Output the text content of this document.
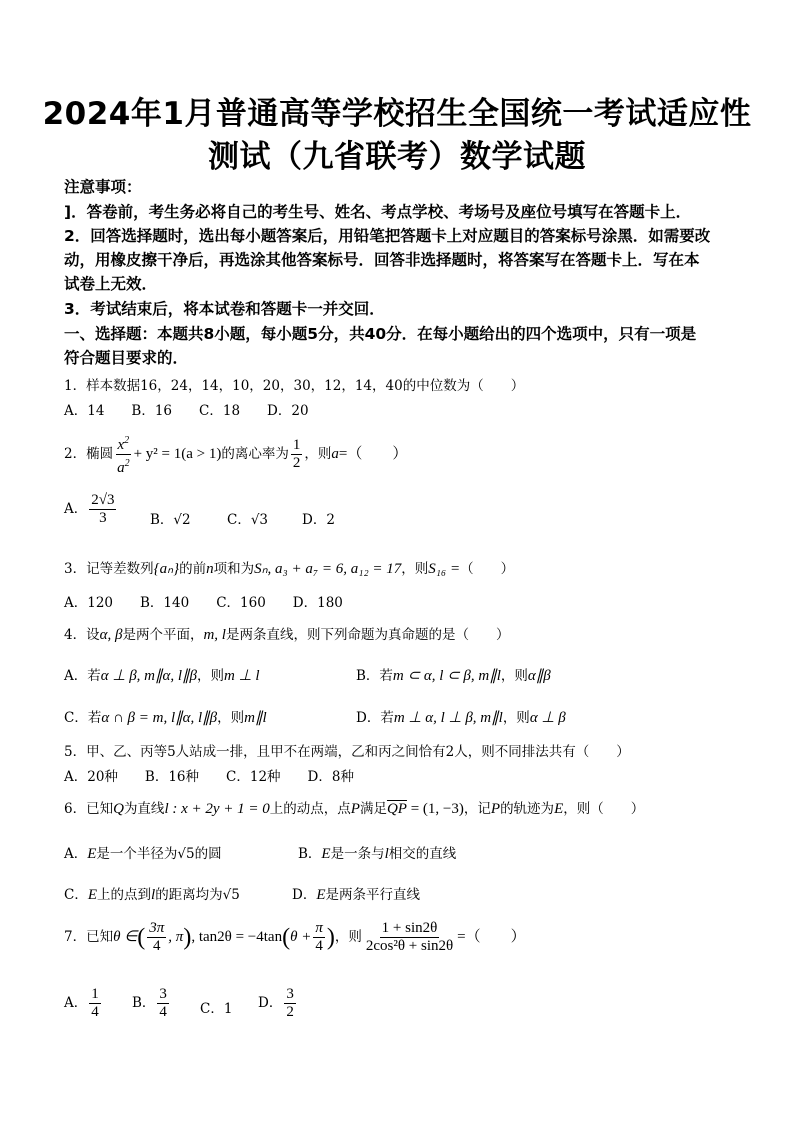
2024年1月普通高等学校招生全国统一考试适应性
测试（九省联考）数学试题
注意事项：
]．答卷前，考生务必将自己的考生号、姓名、考点学校、考场号及座位号填写在答题卡上．
2．回答选择题时，选出每小题答案后，用铅笔把答题卡上对应题目的答案标号涂黑．如需要改
动，用橡皮擦干净后，再选涂其他答案标号．回答非选择题时，将答案写在答题卡上．写在本
试卷上无效．
3．考试结束后，将本试卷和答题卡一并交回．
一、选择题：本题共8小题，每小题5分，共40分．在每小题给出的四个选项中，只有一项是
符合题目要求的．
1．样本数据16，24，14，10，20，30，12，14，40的中位数为（　　）
A．14　　B．16　　C．18　　D．20
2．椭圆 $\frac{x^2}{a^2} + y^2 = 1(a > 1)$的离心率为 $\frac{1}{2}$ ，则a=（　　）
A． $\frac{2√3}{3}$ B．√2	C．√3	D．2
3．记等差数列{aₙ}的前n项和为Sₙ, a₃ + a₇ = 6, a₁₂ = 17，则S₁₆ =（　　）
A．120　　B．140　　C．160　　D．180
4．设α, β是两个平面，m, l是两条直线，则下列命题为真命题的是（　　）
A．若α ⊥ β, m∥α, l∥β，则m ⊥ l	B．若m ⊂ α, l ⊂ β, m∥l，则α∥β
C．若α ∩ β = m, l∥α, l∥β，则m∥l	D．若m ⊥ α, l ⊥ β, m∥l，则α ⊥ β
5．甲、乙、丙等5人站成一排，且甲不在两端，乙和丙之间恰有2人，则不同排法共有（　　）
A．20种　　B．16种　　C．12种　　D．8种
6．已知Q为直线l : x + 2y + 1 = 0上的动点，点P满足$\overline{QP} = (1$, −3)，记P的轨迹为E，则（　　）
A．E是一个半径为√5的圆	B．E是一条与l相交的直线
C．E上的点到l的距离均为√5	D．E是两条平行直线
7．已知θ ∈( $\frac{3\pi}{4}$ , π), $\tan 2\theta = -4\tan(\theta + \frac{\pi}{4}$ )，则 $\frac{1 + \sin 2\theta}{\text{2cos²θ + sin2θ}}$ =（　　）
A． $\frac{1}{4}$ B． $\frac{3}{4}$ C．1 D． $\frac{3}{2}$
